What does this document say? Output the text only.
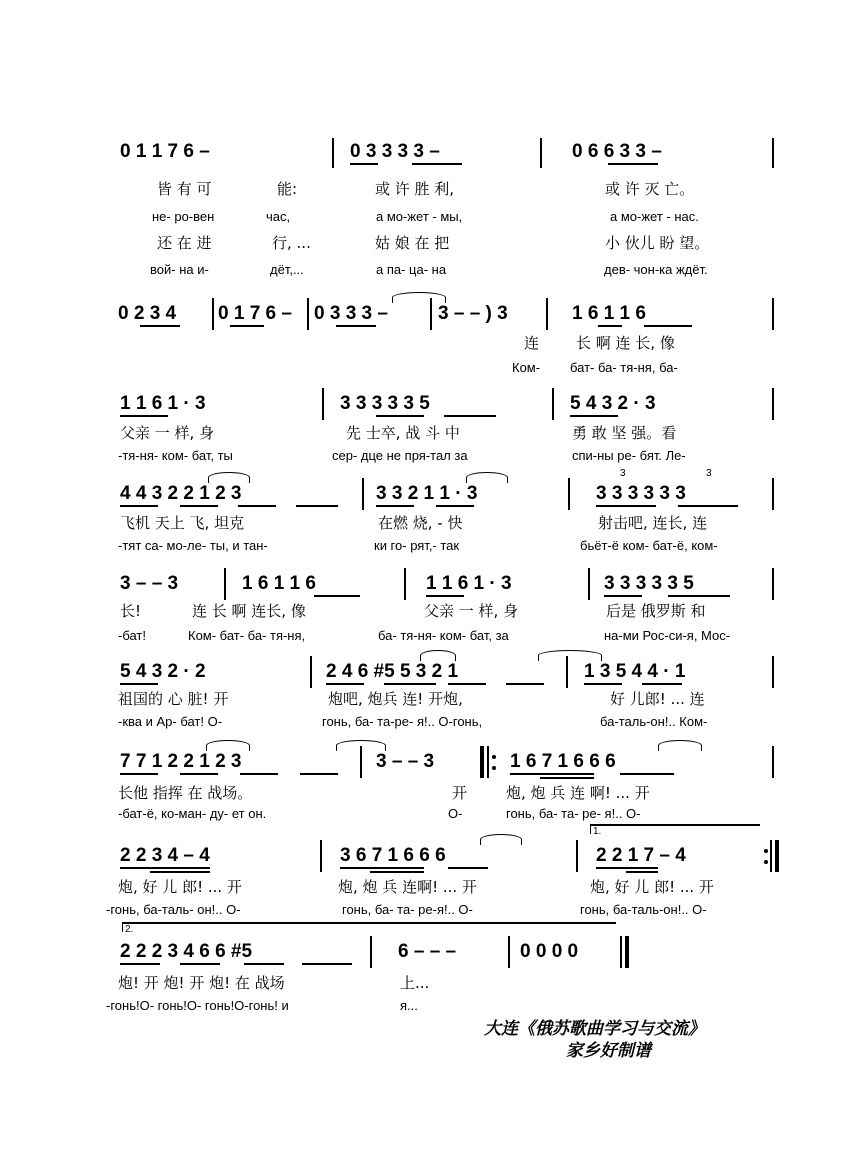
0 1 1 7 6 –	0 3 3 3 3 –	0 6 6 3 3 –
皆 有 可	能:	或 许 胜 利,	或 许 灭 亡。
не- ро-вен	час,	а мо-жет - мы,	а мо-жет - нас.
还 在 进	行, ...	姑 娘 在 把	小 伙儿 盼 望。
вой- на и-	дёт,...	а па- ца- на	дев- чон-ка ждёт.
0 2 3 4 0 1 7 6 – 0 3 3 3 –	3 – – ) 3	1 6 1 1 6
连 长 啊 连 长, 像
Ком- бат- ба- тя-ня, ба-
1 1 6 1 · 3	3 3 3 3 3 5	5 4 3 2 · 3
父亲 一 样, 身	先 士卒, 战 斗 中	勇 敢 坚 强。看
-тя-ня- ком- бат, ты	сер- дце не пря-тал за	спи-ны ре- бят. Ле-
4 4 3 2 2 1 2 3	3 3 2 1 1 · 3	3 3 3 3 3 3
3	3
飞机 天上 飞, 坦克	在燃 烧, - 快	射击吧, 连长, 连
-тят са- мо-ле- ты, и тан-	ки го- рят,- так	бьёт-ё ком- бат-ё, ком-
3 – – 3	1 6 1 1 6	1 1 6 1 · 3	3 3 3 3 3 5
长!	连 长 啊 连长, 像	父亲 一 样, 身	后是 俄罗斯 和
-бат!	Ком- бат- ба- тя-ня,	ба- тя-ня- ком- бат, за	на-ми Рос-си-я, Мос-
5 4 3 2 · 2	2 4 6 #5 5 3 2 1	1 3 5 4 4 · 1
祖国的 心 脏! 开	炮吧, 炮兵 连! 开炮,	好 儿郎! ... 连
-ква и Ар- бат! О-	гонь, ба- та-ре- я!.. О-гонь,	ба-таль-он!.. Ком-
7 7 1 2 2 1 2 3	3 – – 3	1 6 7 1 6 6 6
长他 指挥 在 战场。	开	炮, 炮 兵 连 啊! ... 开
-бат-ё, ко-ман- ду- ет он.	О-	гонь, ба- та- ре- я!.. О-
1.
2 2 3 4 – 4	3 6 7 1 6 6 6	2 2 1 7 – 4
炮, 好 儿 郎! ... 开	炮, 炮 兵 连啊! ... 开	炮, 好 儿 郎! ... 开
-гонь, ба-таль- он!.. О-	гонь, ба- та- ре-я!.. О-	гонь, ба-таль-он!.. О-
2.
2 2 2 3 4 6 6 #5	6 – – –	0 0 0 0
炮! 开 炮! 开 炮! 在 战场	上...
-гонь!О- гонь!О- гонь!О-гонь! и	я...
大连《俄苏歌曲学习与交流》
家乡好制谱
